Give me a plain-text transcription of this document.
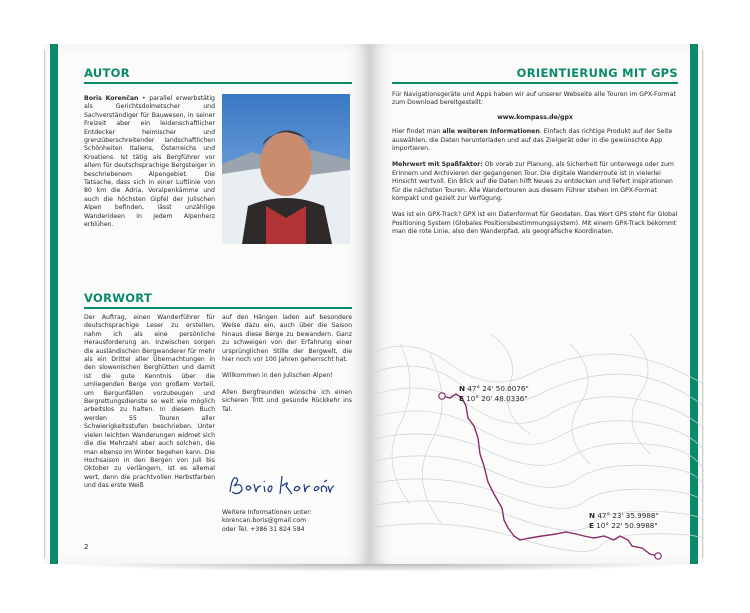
AUTOR
Boris Korenčan • parallel erwerbstätig als Gerichtsdolmetscher und Sachverständiger für Bauwesen, in seiner Freizeit aber ein leidenschaftlicher Entdecker heimischer und grenzüberschreitender landschaftlichen Schönheiten Italiens, Österreichs und Kroatiens. Ist tätig als Bergführer vor allem für deutschsprachige Bergsteiger in beschriebenem Alpengebiet. Die Tatsache, dass sich in einer Luftlinie von 80 km die Adria, Voralpenkämme und auch die höchsten Gipfel der Julischen Alpen befinden, lässt unzählige Wanderideen in jedem Alpenherz erblühen.
VORWORT
Der Auftrag, einen Wanderführer für deutschsprachige Leser zu erstellen, nahm ich als eine persönliche Herausforderung an. Inzwischen sorgen die ausländischen Bergwanderer für mehr als ein Drittel aller Übernachtungen in den slowenischen Berghütten und damit ist die gute Kenntnis über die umliegenden Berge von großem Vorteil, um Bergunfällen vorzubeugen und Bergrettungsdienste so weit wie möglich arbeitslos zu halten. In diesem Buch werden 55 Touren aller Schwierigkeitsstufen beschrieben. Unter vielen leichten Wanderungen widmet sich die die Mehrzahl aber auch solchen, die man ebenso im Winter begehen kann. Die Hochsaison in den Bergen von Juli bis Oktober zu verlängern, ist es allemal wert, denn die prachtvollen Herbstfarben und das erste Weiß
auf den Hängen laden auf besondere Weise dazu ein, auch über die Saison hinaus diese Berge zu bewandern. Ganz zu schweigen von der Erfahrung einer ursprünglichen Stille der Bergwelt, die hier noch vor 100 Jahren geherrscht hat.
Willkommen in den Julischen Alpen!
Allen Bergfreunden wünsche ich einen sicheren Tritt und gesunde Rückkehr ins Tal.
Weitere Informationen unter:
korencan.boris@gmail.com
oder Tel. +386 31 824 584
2
ORIENTIERUNG MIT GPS
Für Navigationsgeräte und Apps haben wir auf unserer Webseite alle Touren im GPX-Format zum Download bereitgestellt:
www.kompass.de/gpx
Hier findet man alle weiteren Informationen. Einfach das richtige Produkt auf der Seite auswählen, die Daten herunterladen und auf das Zielgerät oder in die gewünschte App importieren.
Mehrwert mit Spaßfaktor: Ob vorab zur Planung, als Sicherheit für unterwegs oder zum Erinnern und Archivieren der gegangenen Tour. Die digitale Wanderroute ist in vielerlei Hinsicht wertvoll. Ein Blick auf die Daten hilft Neues zu entdecken und liefert Inspirationen für die nächsten Touren. Alle Wandertouren aus diesem Führer stehen im GPX-Format kompakt und gezielt zur Verfügung.
Was ist ein GPX-Track? GPX ist ein Datenformat für Geodaten. Das Wort GPS steht für Global Positioning System (Globales Positionsbestimmungssystem). Mit einem GPX-Track bekommt man die rote Linie, also den Wanderpfad, als geografische Koordinaten.
N 47° 24' 50.0076"
E 10° 20' 48.0336"
N 47° 23' 35.9988"
E 10° 22' 50.9988"
